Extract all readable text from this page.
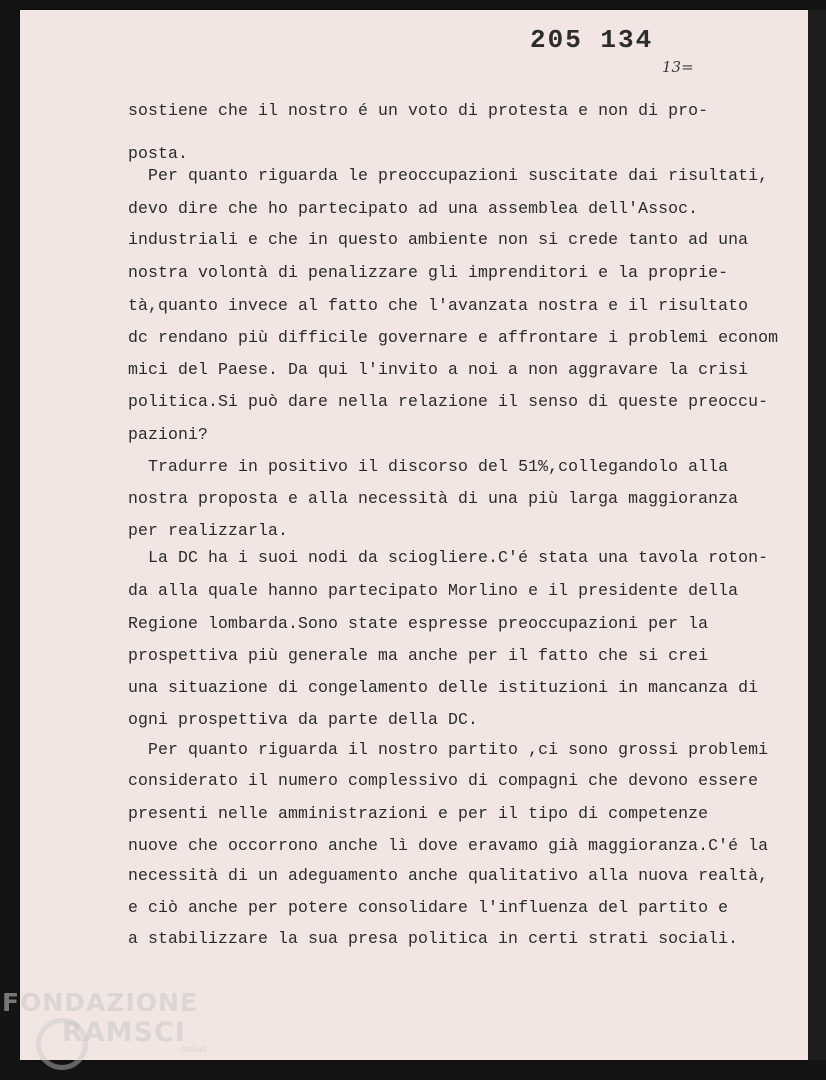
205 134
13=
sostiene che il nostro é un voto di protesta e non di pro-
posta.
Per quanto riguarda le preoccupazioni suscitate dai risultati,
devo dire che ho partecipato ad una assemblea dell'Assoc.
industriali e che in questo ambiente non si crede tanto ad una
nostra volontà di penalizzare gli imprenditori e la proprie-
tà,quanto invece al fatto che l'avanzata nostra e il risultato
dc rendano più difficile governare e affrontare i problemi econom
mici del Paese. Da qui l'invito a noi a non aggravare la crisi
politica.Si può dare nella relazione il senso di queste preoccu-
pazioni?
Tradurre in positivo il discorso del 51%,collegandolo alla
nostra proposta e alla necessità di una più larga maggioranza
per realizzarla.
La DC ha i suoi nodi da sciogliere.C'é stata una tavola roton-
da alla quale hanno partecipato Morlino e il presidente della
Regione lombarda.Sono state espresse preoccupazioni per la
prospettiva più generale ma anche per il fatto che si crei
una situazione di congelamento delle istituzioni in mancanza di
ogni prospettiva da parte della DC.
Per quanto riguarda il nostro partito ,ci sono grossi problemi
considerato il numero complessivo di compagni che devono essere
presenti nelle amministrazioni e per il tipo di competenze
nuove che occorrono anche lì dove eravamo già maggioranza.C'é la
necessità di un adeguamento anche qualitativo alla nuova realtà,
e ciò anche per potere consolidare l'influenza del partito e
a stabilizzare la sua presa politica in certi strati sociali.
FONDAZIONE
RAMSCI
onlus
